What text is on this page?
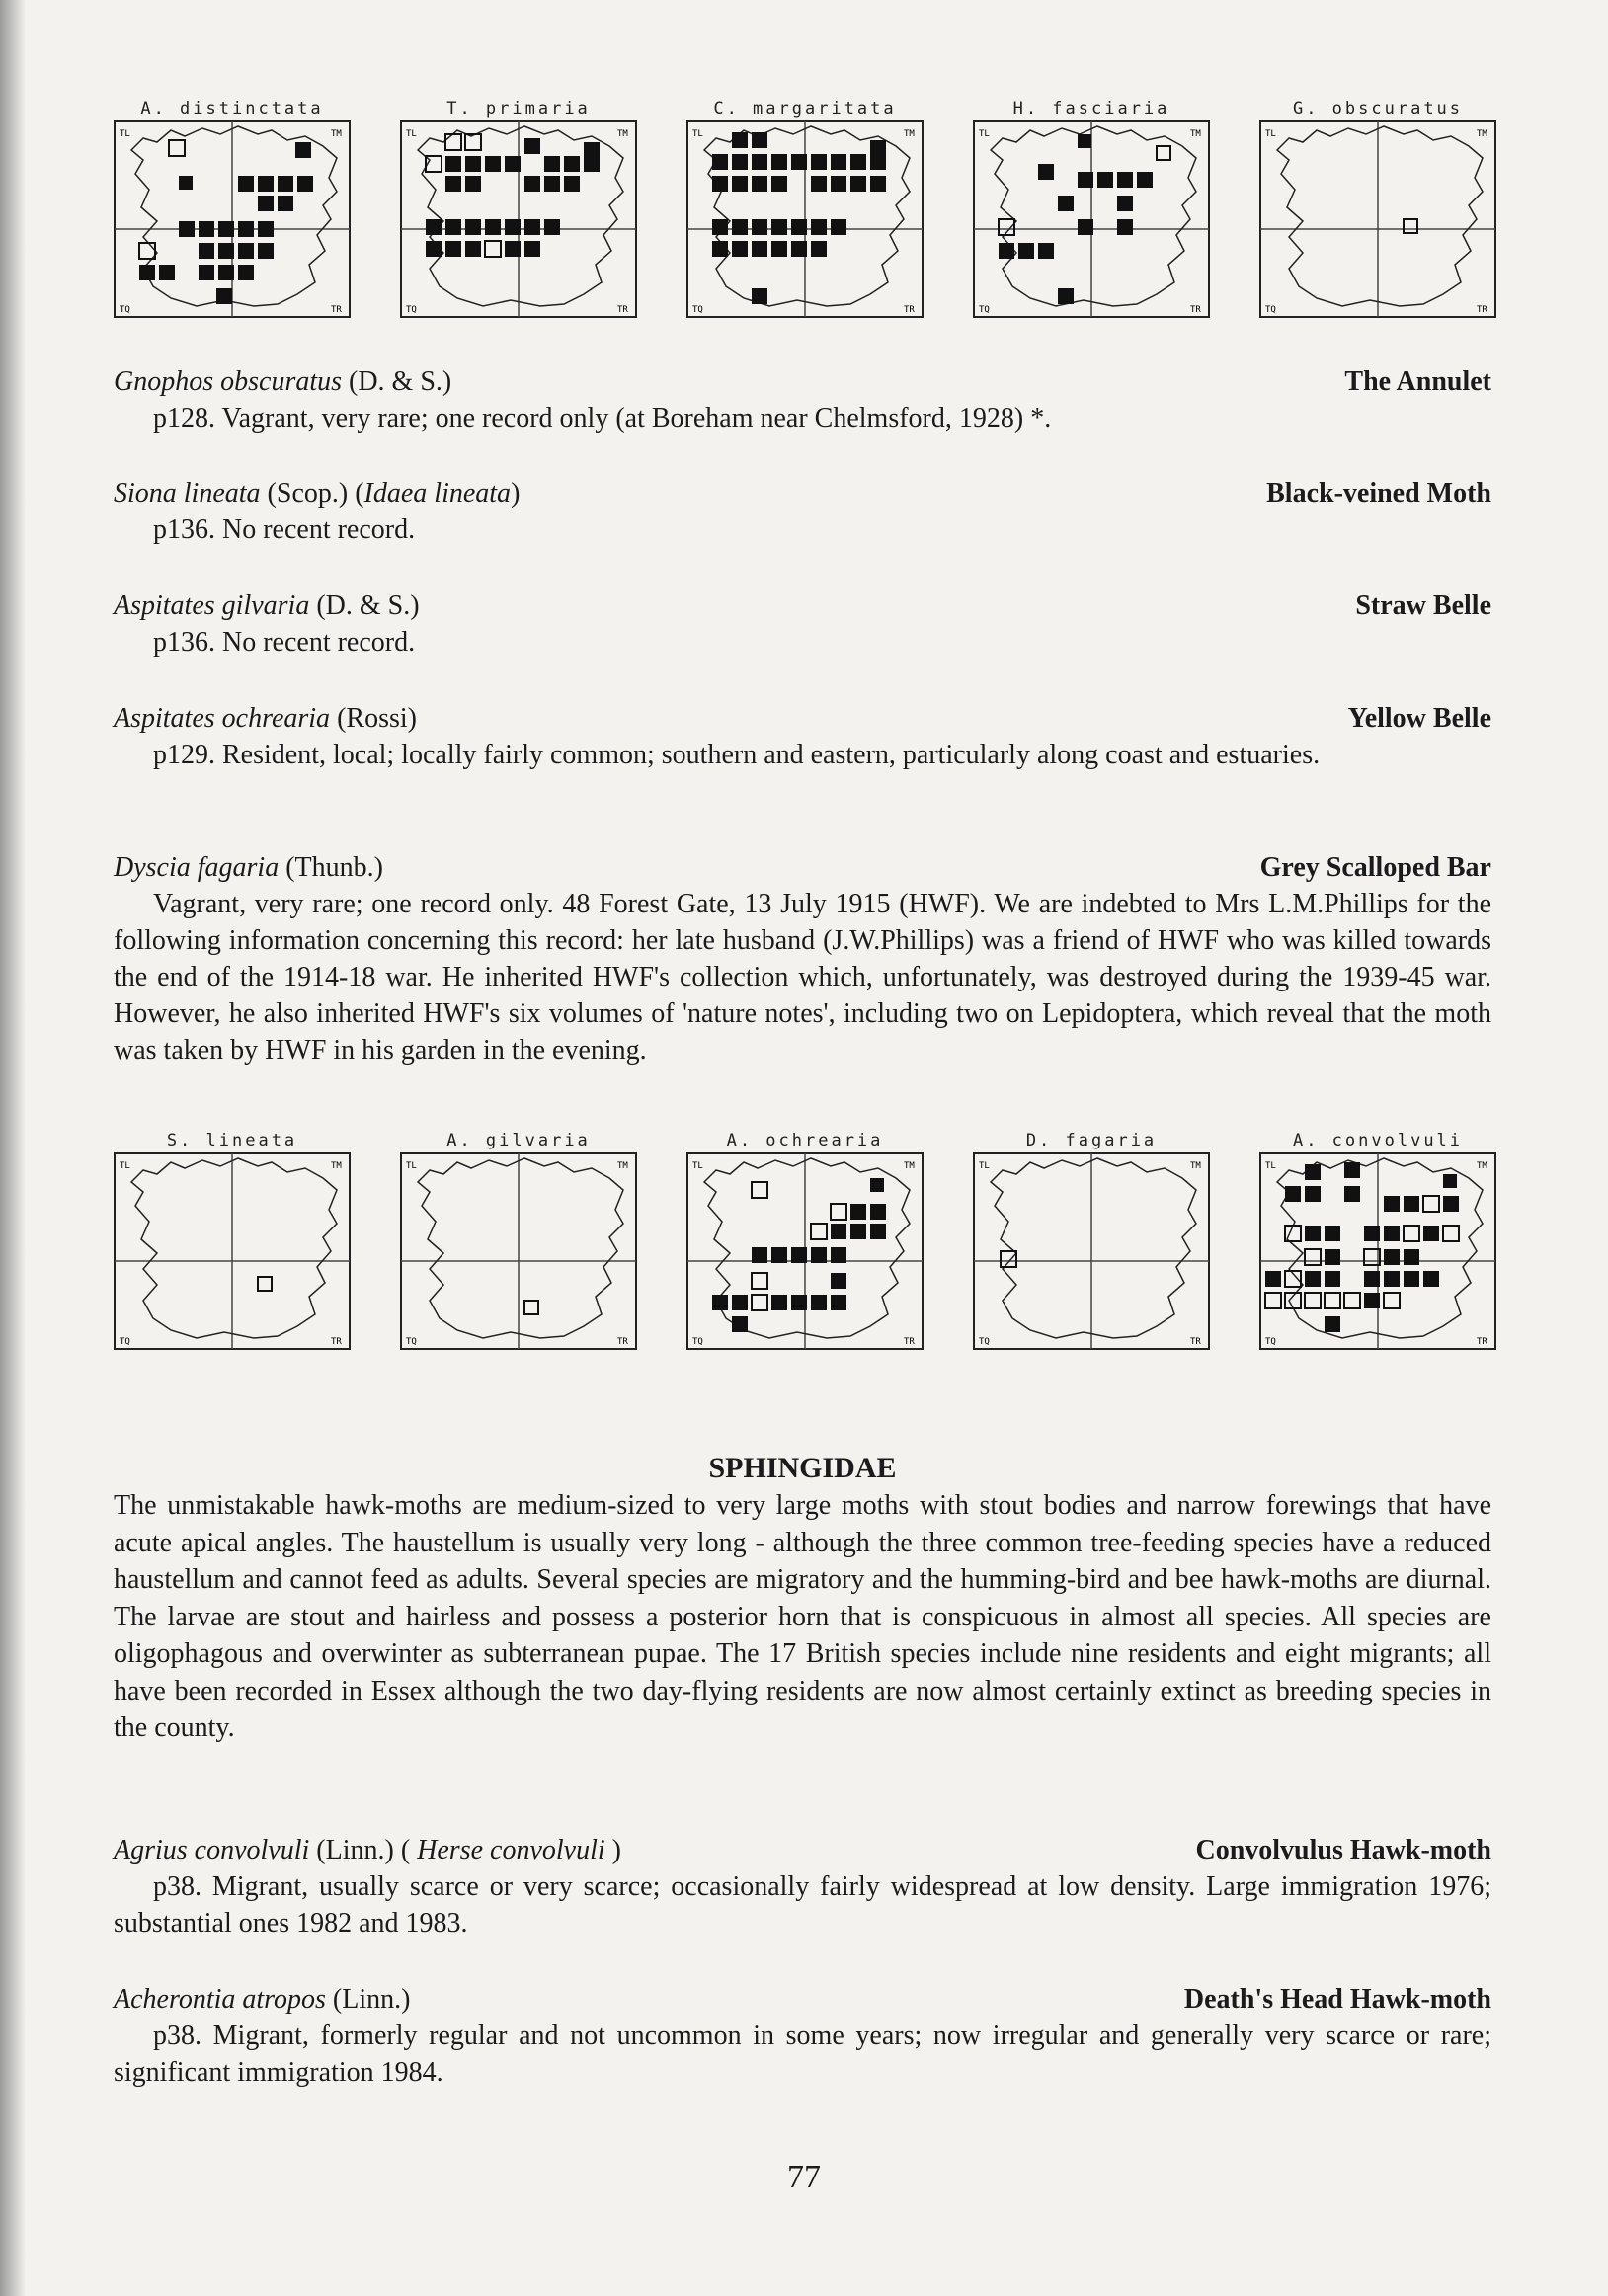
A. distinctata
TL	TM
TQ	TR
T. primaria
TL	TM
TQ	TR
C. margaritata
TL	TM
TQ	TR
H. fasciaria
TL	TM
TQ	TR
G. obscuratus
TL	TM
TQ	TR
Gnophos obscuratus (D. & S.)	The Annulet

p128. Vagrant, very rare; one record only (at Boreham near Chelmsford, 1928) *.

Siona lineata (Scop.) (Idaea lineata)	Black-veined Moth

p136. No recent record.

Aspitates gilvaria (D. & S.)	Straw Belle

p136. No recent record.

Aspitates ochrearia (Rossi)	Yellow Belle

p129. Resident, local; locally fairly common; southern and eastern, particularly along coast and estuaries.

Dyscia fagaria (Thunb.)	Grey Scalloped Bar

Vagrant, very rare; one record only. 48 Forest Gate, 13 July 1915 (HWF). We are indebted to Mrs L.M.Phillips for the following information concerning this record: her late husband (J.W.Phillips) was a friend of HWF who was killed towards the end of the 1914-18 war. He inherited HWF's collection which, unfortunately, was destroyed during the 1939-45 war. However, he also inherited HWF's six volumes of 'nature notes', including two on Lepidoptera, which reveal that the moth was taken by HWF in his garden in the evening.

S. lineata
TL	TM
TQ	TR
A. gilvaria
TL	TM
TQ	TR
A. ochrearia
TL	TM
TQ	TR
D. fagaria
TL	TM
TQ	TR
A. convolvuli
TL	TM
TQ	TR
SPHINGIDAE

The unmistakable hawk-moths are medium-sized to very large moths with stout bodies and narrow forewings that have acute apical angles. The haustellum is usually very long - although the three common tree-feeding species have a reduced haustellum and cannot feed as adults. Several species are migratory and the humming-bird and bee hawk-moths are diurnal. The larvae are stout and hairless and possess a posterior horn that is conspicuous in almost all species. All species are oligophagous and overwinter as subterranean pupae. The 17 British species include nine residents and eight migrants; all have been recorded in Essex although the two day-flying residents are now almost certainly extinct as breeding species in the county.

Agrius convolvuli (Linn.) ( Herse convolvuli )	Convolvulus Hawk-moth

p38. Migrant, usually scarce or very scarce; occasionally fairly widespread at low density. Large immigration 1976; substantial ones 1982 and 1983.

Acherontia atropos (Linn.)	Death's Head Hawk-moth

p38. Migrant, formerly regular and not uncommon in some years; now irregular and generally very scarce or rare; significant immigration 1984.

77
